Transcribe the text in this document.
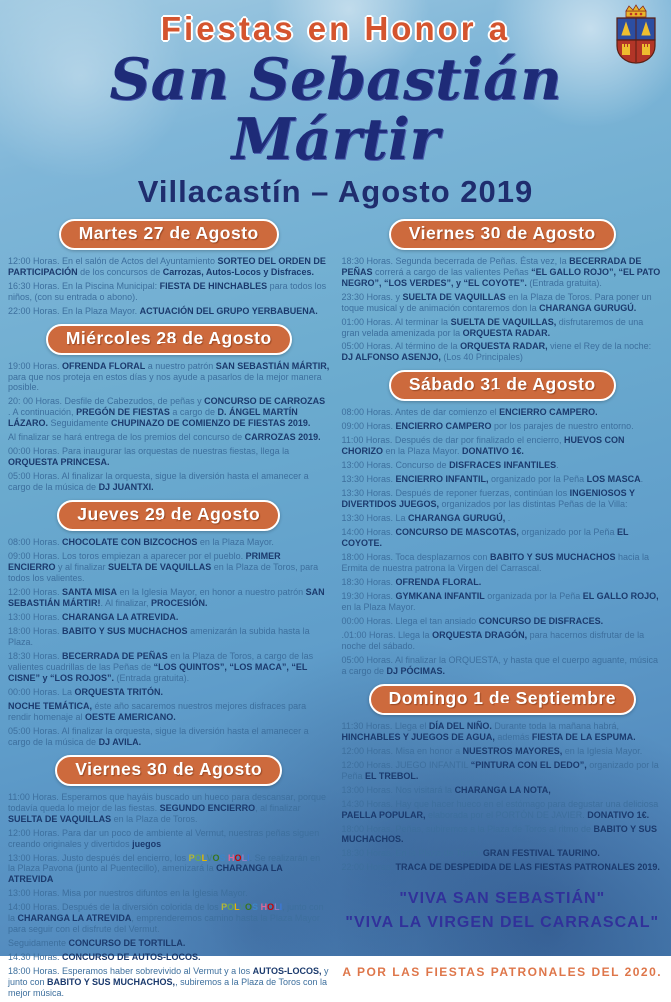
Fiestas en Honor a
San Sebastián Mártir
Villacastín – Agosto 2019
Martes 27 de Agosto

12:00 Horas. En el salón de Actos del Ayuntamiento SORTEO DEL ORDEN DE PARTICIPACIÓN de los concursos de Carrozas, Autos-Locos y Disfraces.

16:30 Horas. En la Piscina Municipal: FIESTA DE HINCHABLES para todos los niños, (con su entrada o abono).

22:00 Horas. En la Plaza Mayor. ACTUACIÓN DEL GRUPO YERBABUENA.

Miércoles 28 de Agosto

19:00 Horas. OFRENDA FLORAL a nuestro patrón SAN SEBASTIÁN MÁRTIR, para que nos proteja en estos días y nos ayude a pasarlos de la mejor manera posible.

20: 00 Horas. Desfile de Cabezudos, de peñas y CONCURSO DE CARROZAS . A continuación, PREGÓN DE FIESTAS a cargo de D. ÁNGEL MARTÍN LÁZARO. Seguidamente CHUPINAZO DE COMIENZO DE FIESTAS 2019.

Al finalizar se hará entrega de los premios del concurso de CARROZAS 2019.

00:00 Horas. Para inaugurar las orquestas de nuestras fiestas, llega la ORQUESTA PRINCESA.

05:00 Horas. Al finalizar la orquesta, sigue la diversión hasta el amanecer a cargo de la música de DJ JUANTXI.

Jueves 29 de Agosto

08:00 Horas. CHOCOLATE CON BIZCOCHOS en la Plaza Mayor.

09:00 Horas. Los toros empiezan a aparecer por el pueblo. PRIMER ENCIERRO y al finalizar SUELTA DE VAQUILLAS en la Plaza de Toros, para todos los valientes.

12:00 Horas. SANTA MISA en la Iglesia Mayor, en honor a nuestro patrón SAN SEBASTIÁN MÁRTIR!. Al finalizar, PROCESIÓN.

13:00 Horas. CHARANGA LA ATREVIDA.

18:00 Horas. BABITO Y SUS MUCHACHOS amenizarán la subida hasta la Plaza.

18:30 Horas. BECERRADA DE PEÑAS en la Plaza de Toros, a cargo de las valientes cuadrillas de las Peñas de “LOS QUINTOS”, “LOS MACA”, “EL CISNE” y “LOS ROJOS”. (Entrada gratuita).

00:00 Horas. La ORQUESTA TRITÓN.

NOCHE TEMÁTICA, éste año sacaremos nuestros mejores disfraces para rendir homenaje al OESTE AMERICANO.

05:00 Horas. Al finalizar la orquesta, sigue la diversión hasta el amanecer a cargo de la música de DJ AVILA.

Viernes 30 de Agosto

11:00 Horas. Esperamos que hayáis buscado un hueco para descansar, porque todavía queda lo mejor de las fiestas. SEGUNDO ENCIERRO, al finalizar SUELTA DE VAQUILLAS en la Plaza de Toros.

12:00 Horas. Para dar un poco de ambiente al Vermut, nuestras peñas siguen creando originales y divertidos juegos

13:00 Horas. Justo después del encierro, los POLVOS HOLI. Se realizarán en la Plaza Pavona (junto al Puentecillo), amenizará la CHARANGA LA ATREVIDA

13:00 Horas. Misa por nuestros difuntos en la Iglesia Mayor.

14:00 Horas. Después de la diversión colorida de los POLVOS HOLI, junto con la CHARANGA LA ATREVIDA, emprenderemos camino hasta la Plaza Mayor para seguir con el disfrute del Vermut.

Seguidamente CONCURSO DE TORTILLA.

14.30 Horas. CONCURSO DE AUTOS-LOCOS.

18:00 Horas. Esperamos haber sobrevivido al Vermut y a los AUTOS-LOCOS, y junto con BABITO Y SUS MUCHACHOS,, subiremos a la Plaza de Toros con la mejor música.

Viernes 30 de Agosto

18:30 Horas. Segunda becerrada de Peñas. Ésta vez, la BECERRADA DE PEÑAS correrá a cargo de las valientes Peñas “EL GALLO ROJO”, “EL PATO NEGRO”, “LOS VERDES”, y “EL COYOTE”. (Entrada gratuita).

23:30 Horas. y SUELTA DE VAQUILLAS en la Plaza de Toros. Para poner un toque musical y de animación contaremos don la CHARANGA GURUGÚ.

01:00 Horas. Al terminar la SUELTA DE VAQUILLAS, disfrutaremos de una gran velada amenizada por la ORQUESTA RADAR.

05:00 Horas. Al término de la ORQUESTA RADAR, viene el Rey de la noche: DJ ALFONSO ASENJO, (Los 40 Principales)

Sábado 31 de Agosto

08:00 Horas. Antes de dar comienzo el ENCIERRO CAMPERO.

09:00 Horas. ENCIERRO CAMPERO por los parajes de nuestro entorno.

11:00 Horas. Después de dar por finalizado el encierro, HUEVOS CON CHORIZO en la Plaza Mayor. DONATIVO 1€.

13:00 Horas. Concurso de DISFRACES INFANTILES.

13:30 Horas. ENCIERRO INFANTIL, organizado por la Peña LOS MASCA.

13:30 Horas. Después de reponer fuerzas, continúan los INGENIOSOS Y DIVERTIDOS JUEGOS, organizados por las distintas Peñas de la Villa:

13:30 Horas. La CHARANGA GURUGÚ, .

14:00 Horas. CONCURSO DE MASCOTAS, organizado por la Peña EL COYOTE.

18:00 Horas. Toca desplazarnos con BABITO Y SUS MUCHACHOS hacia la Ermita de nuestra patrona la Virgen del Carrascal.

18:30 Horas. OFRENDA FLORAL.

19:30 Horas. GYMKANA INFANTIL organizada por la Peña EL GALLO ROJO, en la Plaza Mayor.

00:00 Horas. Llega el tan ansiado CONCURSO DE DISFRACES.

.01:00 Horas. Llega la ORQUESTA DRAGÓN, para hacernos disfrutar de la noche del sábado.

05:00 Horas. Al finalizar la ORQUESTA, y hasta que el cuerpo aguante, música a cargo de DJ PÓCIMAS.

Domingo 1 de Septiembre

11:30 Horas. Llega el DÍA DEL NIÑO. Durante toda la mañana habrá, HINCHABLES Y JUEGOS DE AGUA, además FIESTA DE LA ESPUMA.

12:00 Horas. Misa en honor a NUESTROS MAYORES, en la Iglesia Mayor.

12:00 Horas. JUEGO INFANTIL “PINTURA CON EL DEDO”, organizado por la Peña EL TREBOL.

13:00 Horas. Nos visitará la CHARANGA LA NOTA,

14:30 Horas. Hay que hacer hueco en el estómago para degustar una deliciosa PAELLA POPULAR, elaborada por el PORTÓN DE JAVIER. DONATIVO 1€.

18:00 Horas. Peñas, subiremos a la Plaza de Toros al ritmo de BABITO Y SUS MUCHACHOS.

18:30 Horas. En la Plaza de Toros. GRAN FESTIVAL TAURINO.

22:00 Horas. TRACA DE DESPEDIDA DE LAS FIESTAS PATRONALES 2019.

"VIVA SAN SEBASTIÁN"
"VIVA LA VIRGEN DEL CARRASCAL"
A POR LAS FIESTAS PATRONALES DEL 2020.
